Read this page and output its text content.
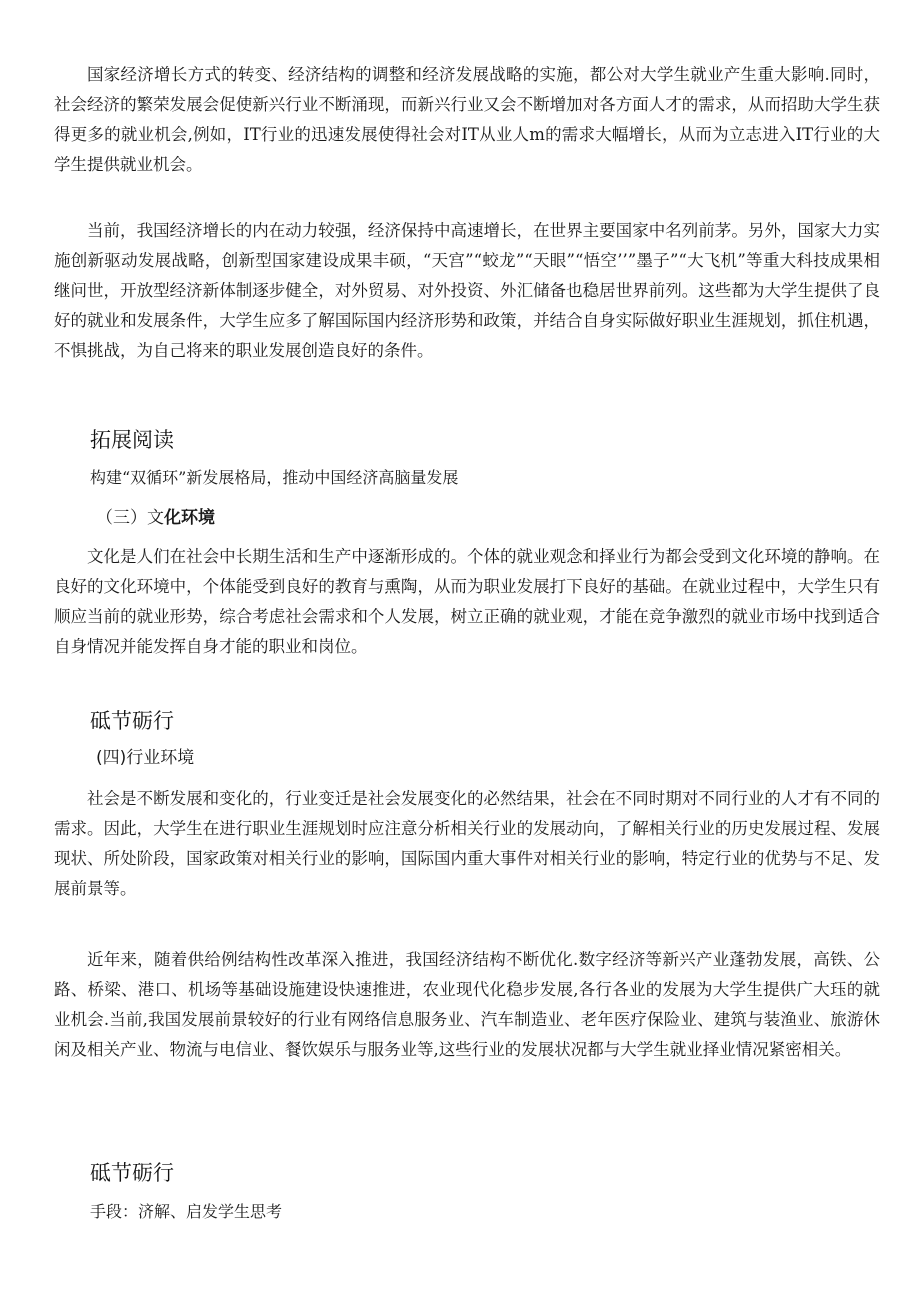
国家经济增长方式的转变、经济结构的调整和经济发展战略的实施，都公对大学生就业产生重大影响.同时，社会经济的繁荣发展会促使新兴行业不断涌现，而新兴行业又会不断增加对各方面人才的需求，从而招助大学生获得更多的就业机会,例如，IT行业的迅速发展使得社会对IT从业人m的需求大幅增长，从而为立志进入IT行业的大学生提供就业机会。

当前，我国经济增长的内在动力较强，经济保持中高速增长，在世界主要国家中名列前茅。另外，国家大力实施创新驱动发展战略，创新型国家建设成果丰硕，“天宫”“蛟龙”“天眼”“悟空’’”墨子”“大飞机”等重大科技成果相继问世，开放型经济新体制逐步健全，对外贸易、对外投资、外汇储备也稳居世界前列。这些都为大学生提供了良好的就业和发展条件，大学生应多了解国际国内经济形势和政策，并结合自身实际做好职业生涯规划，抓住机遇，不惧挑战，为自己将来的职业发展创造良好的条件。

拓展阅读

构建“双循环”新发展格局，推动中国经济高脑量发展

（三）文化环境

文化是人们在社会中长期生活和生产中逐渐形成的。个体的就业观念和择业行为都会受到文化环境的静响。在良好的文化环境中，个体能受到良好的教育与熏陶，从而为职业发展打下良好的基础。在就业过程中，大学生只有顺应当前的就业形势，综合考虑社会需求和个人发展，树立正确的就业观，才能在竞争激烈的就业市场中找到适合自身情况并能发挥自身才能的职业和岗位。

砥节砺行

(四)行业环境

社会是不断发展和变化的，行业变迁是社会发展变化的必然结果，社会在不同时期对不同行业的人才有不同的需求。因此，大学生在进行职业生涯规划时应注意分析相关行业的发展动向，了解相关行业的历史发展过程、发展现状、所处阶段，国家政策对相关行业的影响，国际国内重大事件对相关行业的影响，特定行业的优势与不足、发展前景等。

近年来，随着供给例结构性改革深入推进，我国经济结构不断优化.数字经济等新兴产业蓬勃发展，高铁、公路、桥梁、港口、机场等基础设施建设快速推进，农业现代化稳步发展,各行各业的发展为大学生提供广大珏的就业机会.当前,我国发展前景较好的行业有网络信息服务业、汽车制造业、老年医疗保险业、建筑与装渔业、旅游休闲及相关产业、物流与电信业、餐饮娱乐与服务业等,这些行业的发展状况都与大学生就业择业情况紧密相关。

砥节砺行

手段：济解、启发学生思考
